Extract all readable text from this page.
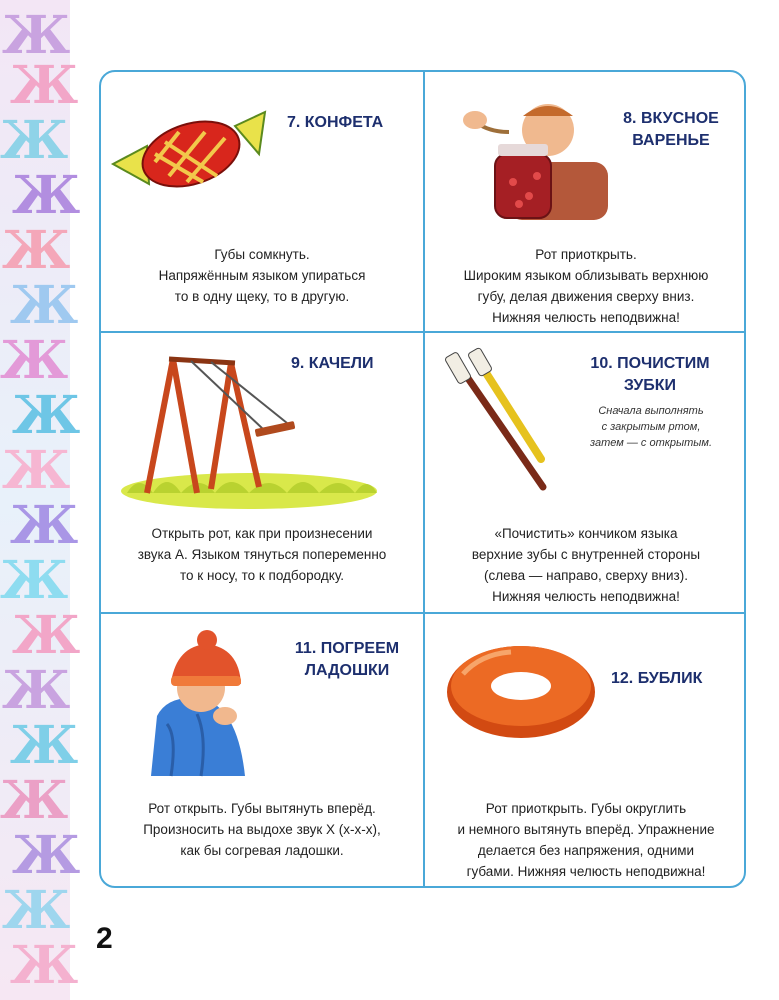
Ж
Ж
Ж
Ж
Ж
Ж
Ж
Ж
Ж
Ж
Ж
Ж
Ж
Ж
Ж
Ж
Ж
Ж
7. КОНФЕТА
Губы сомкнуть.
Напряжённым языком упираться
то в одну щеку, то в другую.
8. ВКУСНОЕ
ВАРЕНЬЕ
Рот приоткрыть.
Широким языком облизывать верхнюю
губу, делая движения сверху вниз.
Нижняя челюсть неподвижна!
9. КАЧЕЛИ
Открыть рот, как при произнесении
звука А. Языком тянуться попеременно
то к носу, то к подбородку.
10. ПОЧИСТИМ
ЗУБКИ
Сначала выполнять
с закрытым ртом,
затем — с открытым.
«Почистить» кончиком языка
верхние зубы с внутренней стороны
(слева — направо, сверху вниз).
Нижняя челюсть неподвижна!
11. ПОГРЕЕМ
ЛАДОШКИ
Рот открыть. Губы вытянуть вперёд.
Произносить на выдохе звук Х (х-х-х),
как бы согревая ладошки.
12. БУБЛИК
Рот приоткрыть. Губы округлить
и немного вытянуть вперёд. Упражнение
делается без напряжения, одними
губами. Нижняя челюсть неподвижна!

2
